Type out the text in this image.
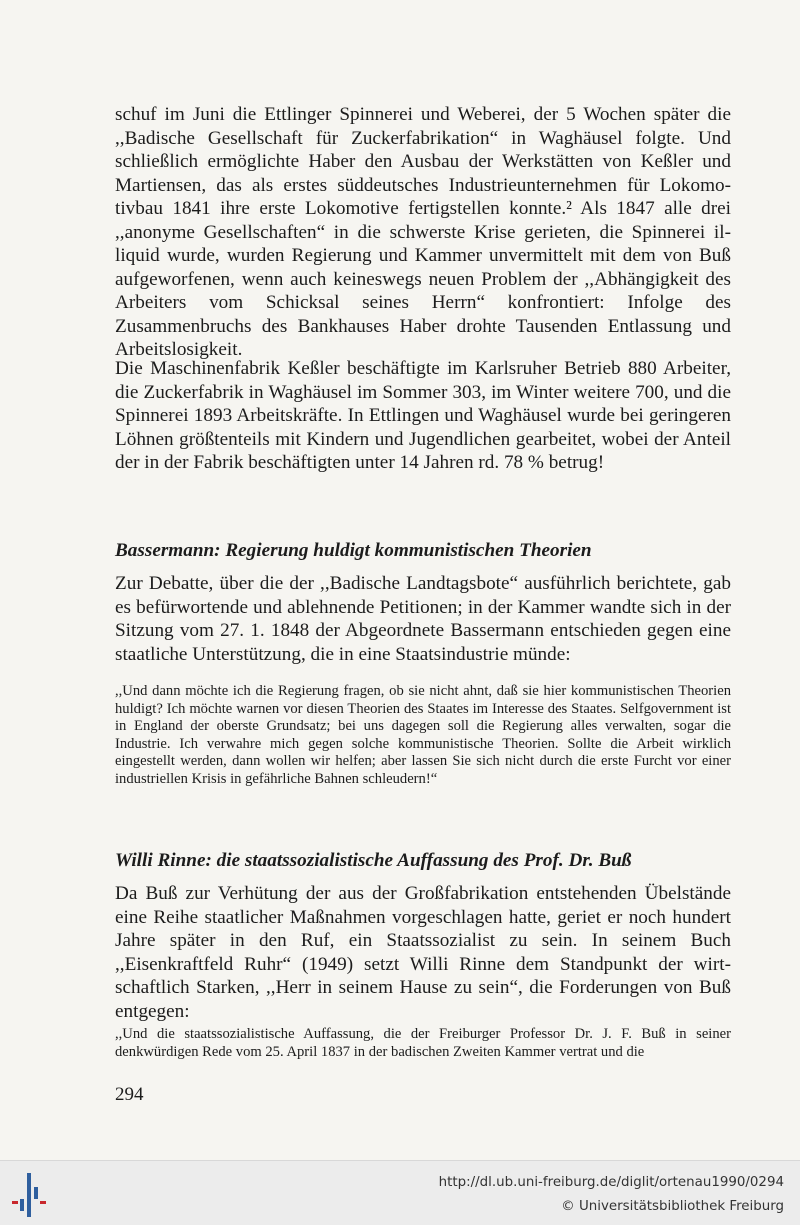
schuf im Juni die Ettlinger Spinnerei und Weberei, der 5 Wochen später die ,,Badische Gesellschaft für Zuckerfabrikation“ in Waghäusel folgte. Und schließlich ermöglichte Haber den Ausbau der Werkstätten von Keßler und Martiensen, das als erstes süddeutsches Industrieunternehmen für Lokomotivbau 1841 ihre erste Lokomotive fertigstellen konnte.² Als 1847 alle drei ,,anonyme Gesellschaften“ in die schwerste Krise gerieten, die Spinnerei illiquid wurde, wurden Regierung und Kammer unvermittelt mit dem von Buß aufgeworfenen, wenn auch keineswegs neuen Problem der ,,Abhängigkeit des Arbeiters vom Schicksal seines Herrn“ konfrontiert: Infolge des Zusammenbruchs des Bankhauses Haber drohte Tausenden Entlassung und Arbeitslosigkeit.

Die Maschinenfabrik Keßler beschäftigte im Karlsruher Betrieb 880 Arbeiter, die Zuckerfabrik in Waghäusel im Sommer 303, im Winter weitere 700, und die Spinnerei 1893 Arbeitskräfte. In Ettlingen und Waghäusel wurde bei geringeren Löhnen größtenteils mit Kindern und Jugendlichen gearbeitet, wobei der Anteil der in der Fabrik beschäftigten unter 14 Jahren rd. 78 % betrug!

Bassermann: Regierung huldigt kommunistischen Theorien

Zur Debatte, über die der ,,Badische Landtagsbote“ ausführlich berichtete, gab es befürwortende und ablehnende Petitionen; in der Kammer wandte sich in der Sitzung vom 27. 1. 1848 der Abgeordnete Bassermann entschieden gegen eine staatliche Unterstützung, die in eine Staatsindustrie münde:

,,Und dann möchte ich die Regierung fragen, ob sie nicht ahnt, daß sie hier kommunistischen Theorien huldigt? Ich möchte warnen vor diesen Theorien des Staates im Interesse des Staates. Selfgovernment ist in England der oberste Grundsatz; bei uns dagegen soll die Regierung alles verwalten, sogar die Industrie. Ich verwahre mich gegen solche kommunistische Theorien. Sollte die Arbeit wirklich eingestellt werden, dann wollen wir helfen; aber lassen Sie sich nicht durch die erste Furcht vor einer industriellen Krisis in gefährliche Bahnen schleudern!“

Willi Rinne: die staatssozialistische Auffassung des Prof. Dr. Buß

Da Buß zur Verhütung der aus der Großfabrikation entstehenden Übelstände eine Reihe staatlicher Maßnahmen vorgeschlagen hatte, geriet er noch hundert Jahre später in den Ruf, ein Staatssozialist zu sein. In seinem Buch ,,Eisenkraftfeld Ruhr“ (1949) setzt Willi Rinne dem Standpunkt der wirtschaftlich Starken, ,,Herr in seinem Hause zu sein“, die Forderungen von Buß entgegen:

,,Und die staatssozialistische Auffassung, die der Freiburger Professor Dr. J. F. Buß in seiner denkwürdigen Rede vom 25. April 1837 in der badischen Zweiten Kammer vertrat und die

294
http://dl.ub.uni-freiburg.de/diglit/ortenau1990/0294
© Universitätsbibliothek Freiburg
